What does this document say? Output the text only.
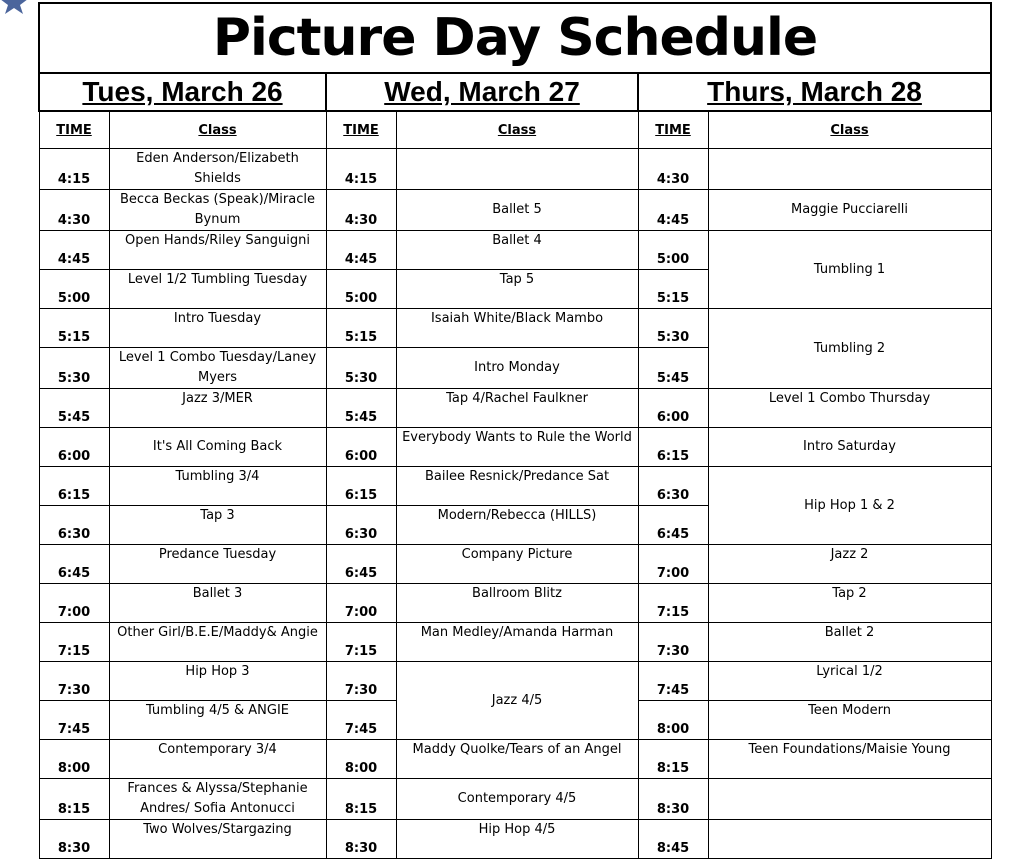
Picture Day Schedule					
Tues, March 26		Wed, March 27		Thurs, March 28	
TIME	Class	TIME	Class	TIME	Class
4:15	Eden Anderson/Elizabeth Shields	4:15		4:30	
4:30	Becca Beckas (Speak)/Miracle Bynum	4:30	Ballet 5	4:45	Maggie Pucciarelli
4:45	Open Hands/Riley Sanguigni	4:45	Ballet 4	5:00	Tumbling 1
5:00	Level 1/2 Tumbling Tuesday	5:00	Tap 5	5:15	
5:15	Intro Tuesday	5:15	Isaiah White/Black Mambo	5:30	Tumbling 2
5:30	Level 1 Combo Tuesday/Laney Myers	5:30	Intro Monday	5:45	
5:45	Jazz 3/MER	5:45	Tap 4/Rachel Faulkner	6:00	Level 1 Combo Thursday
6:00	It's All Coming Back	6:00	Everybody Wants to Rule the World	6:15	Intro Saturday
6:15	Tumbling 3/4	6:15	Bailee Resnick/Predance Sat	6:30	Hip Hop 1 & 2
6:30	Tap 3	6:30	Modern/Rebecca (HILLS)	6:45	
6:45	Predance Tuesday	6:45	Company Picture	7:00	Jazz 2
7:00	Ballet 3	7:00	Ballroom Blitz	7:15	Tap 2
7:15	Other Girl/B.E.E/Maddy& Angie	7:15	Man Medley/Amanda Harman	7:30	Ballet 2
7:30	Hip Hop 3	7:30	Jazz 4/5	7:45	Lyrical 1/2
7:45	Tumbling 4/5 & ANGIE	7:45		8:00	Teen Modern
8:00	Contemporary 3/4	8:00	Maddy Quolke/Tears of an Angel	8:15	Teen Foundations/Maisie Young
8:15	Frances & Alyssa/Stephanie Andres/ Sofia Antonucci	8:15	Contemporary 4/5	8:30	
8:30	Two Wolves/Stargazing	8:30	Hip Hop 4/5	8:45	
